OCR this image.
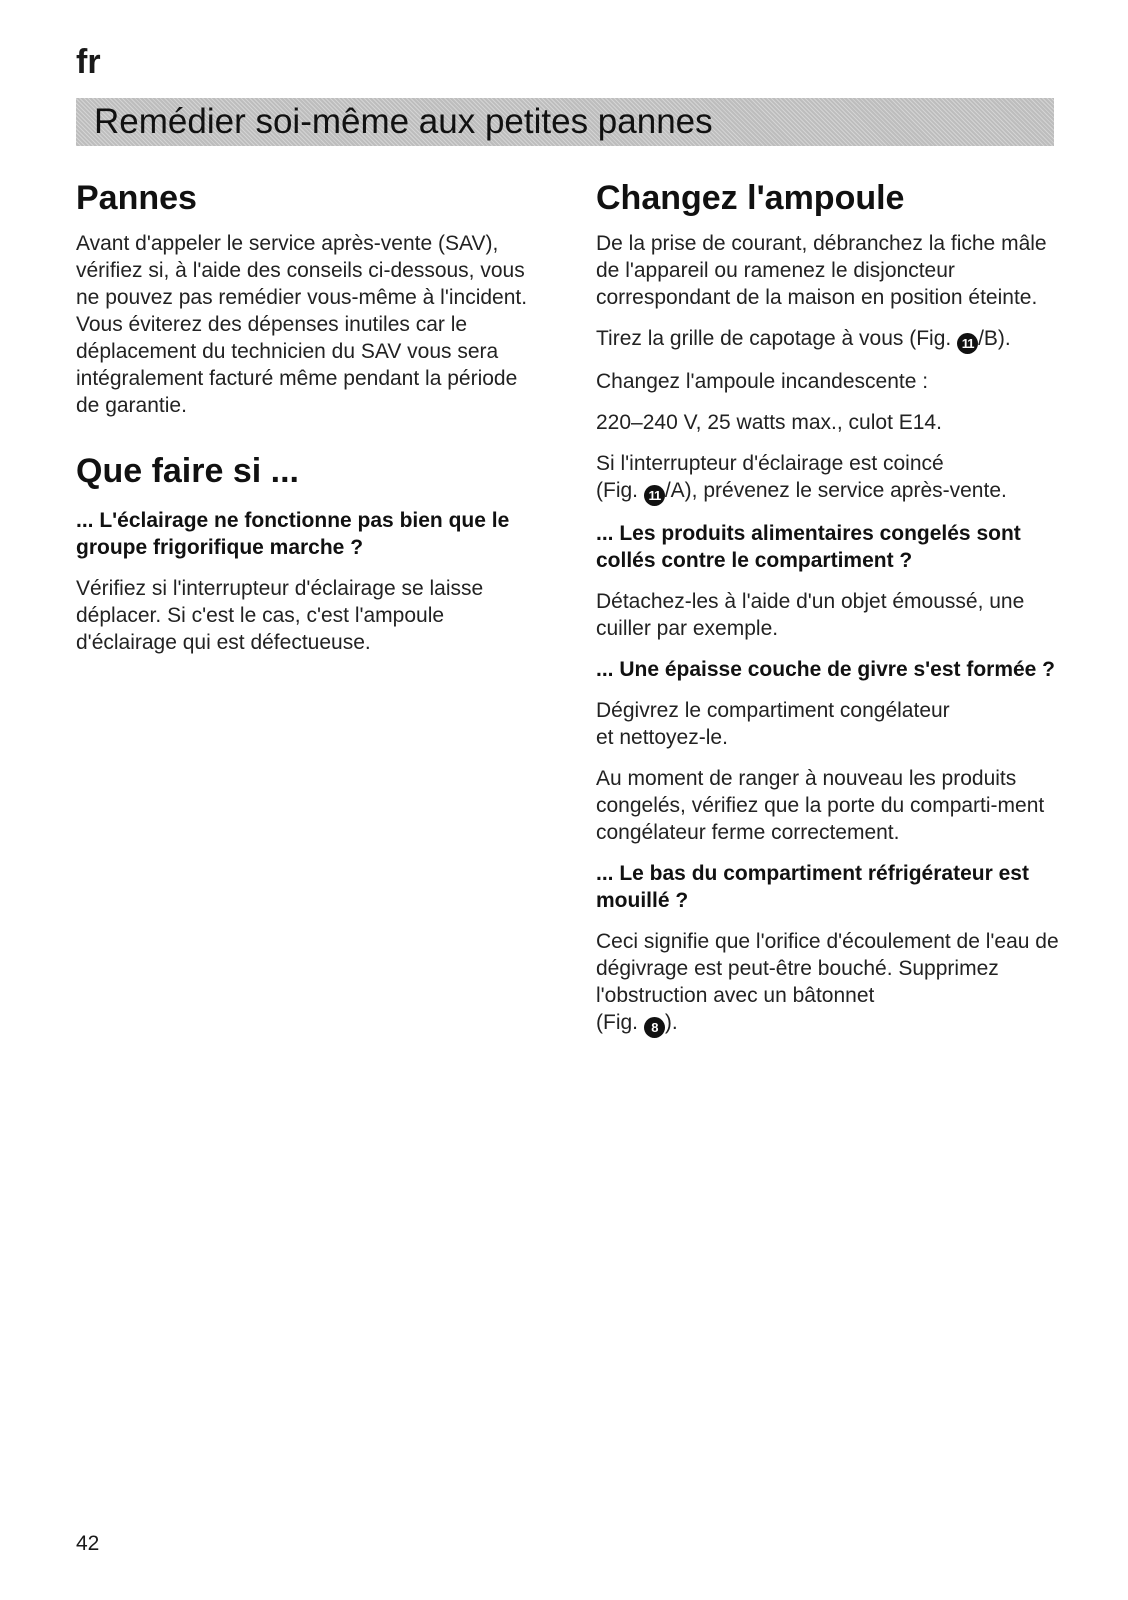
fr
Remédier soi-même aux petites pannes
Pannes

Avant d'appeler le service après-vente (SAV), vérifiez si, à l'aide des conseils ci-dessous, vous ne pouvez pas remédier vous-même à l'incident. Vous éviterez des dépenses inutiles car le déplacement du technicien du SAV vous sera intégralement facturé même pendant la période de garantie.

Que faire si ...

... L'éclairage ne fonctionne pas bien que le groupe frigorifique marche ?

Vérifiez si l'interrupteur d'éclairage se laisse déplacer. Si c'est le cas, c'est l'ampoule d'éclairage qui est défectueuse.

Changez l'ampoule

De la prise de courant, débranchez la fiche mâle de l'appareil ou ramenez le disjoncteur correspondant de la maison en position éteinte.

Tirez la grille de capotage à vous (Fig. 11 /B).

Changez l'ampoule incandescente :

220–240 V, 25 watts max., culot E14.

Si l'interrupteur d'éclairage est coincé
(Fig. 11 /A), prévenez le service après-vente.

... Les produits alimentaires congelés sont collés contre le compartiment ?

Détachez-les à l'aide d'un objet émoussé, une cuiller par exemple.

... Une épaisse couche de givre s'est formée ?

Dégivrez le compartiment congélateur
et nettoyez-le.

Au moment de ranger à nouveau les produits congelés, vérifiez que la porte du comparti-ment congélateur ferme correctement.

... Le bas du compartiment réfrigérateur est mouillé ?

Ceci signifie que l'orifice d'écoulement de l'eau de dégivrage est peut-être bouché. Supprimez l'obstruction avec un bâtonnet
(Fig. 8 ).

42
